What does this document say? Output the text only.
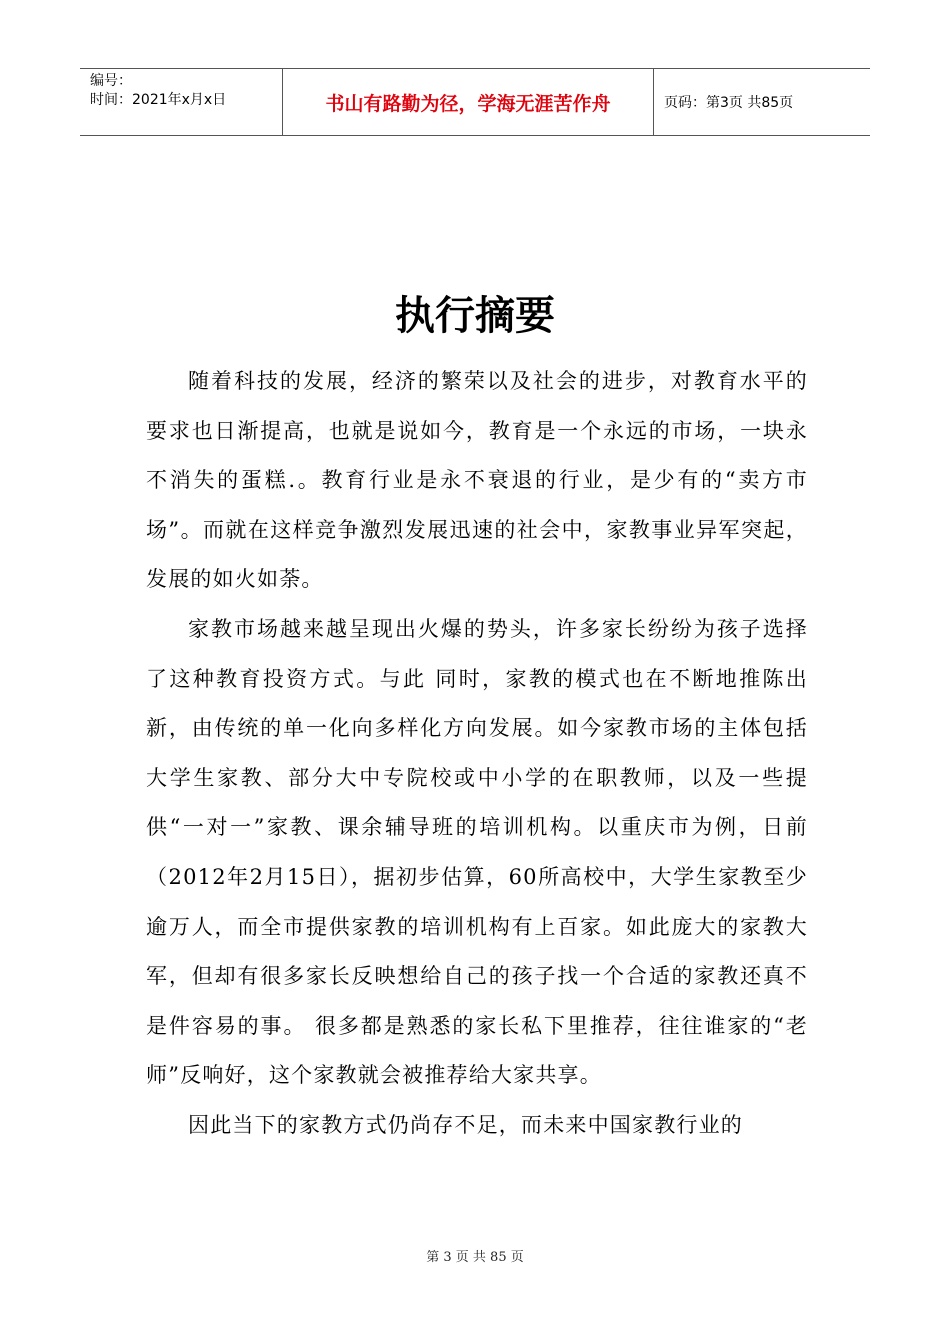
编号：
时间：2021年x月x日	书山有路勤为径，学海无涯苦作舟	页码：第3页 共85页
执行摘要

随着科技的发展，经济的繁荣以及社会的进步，对教育水平的要求也日渐提高，也就是说如今，教育是一个永远的市场，一块永不消失的蛋糕.。教育行业是永不衰退的行业，是少有的“卖方市场”。而就在这样竞争激烈发展迅速的社会中，家教事业异军突起，发展的如火如荼。

家教市场越来越呈现出火爆的势头，许多家长纷纷为孩子选择了这种教育投资方式。与此 同时，家教的模式也在不断地推陈出新，由传统的单一化向多样化方向发展。如今家教市场的主体包括大学生家教、部分大中专院校或中小学的在职教师，以及一些提供“一对一”家教、课余辅导班的培训机构。以重庆市为例，日前（2012年2月15日），据初步估算，60所高校中，大学生家教至少逾万人，而全市提供家教的培训机构有上百家。如此庞大的家教大军，但却有很多家长反映想给自己的孩子找一个合适的家教还真不是件容易的事。 很多都是熟悉的家长私下里推荐，往往谁家的“老师”反响好，这个家教就会被推荐给大家共享。

因此当下的家教方式仍尚存不足，而未来中国家教行业的

第 3 页 共 85 页
